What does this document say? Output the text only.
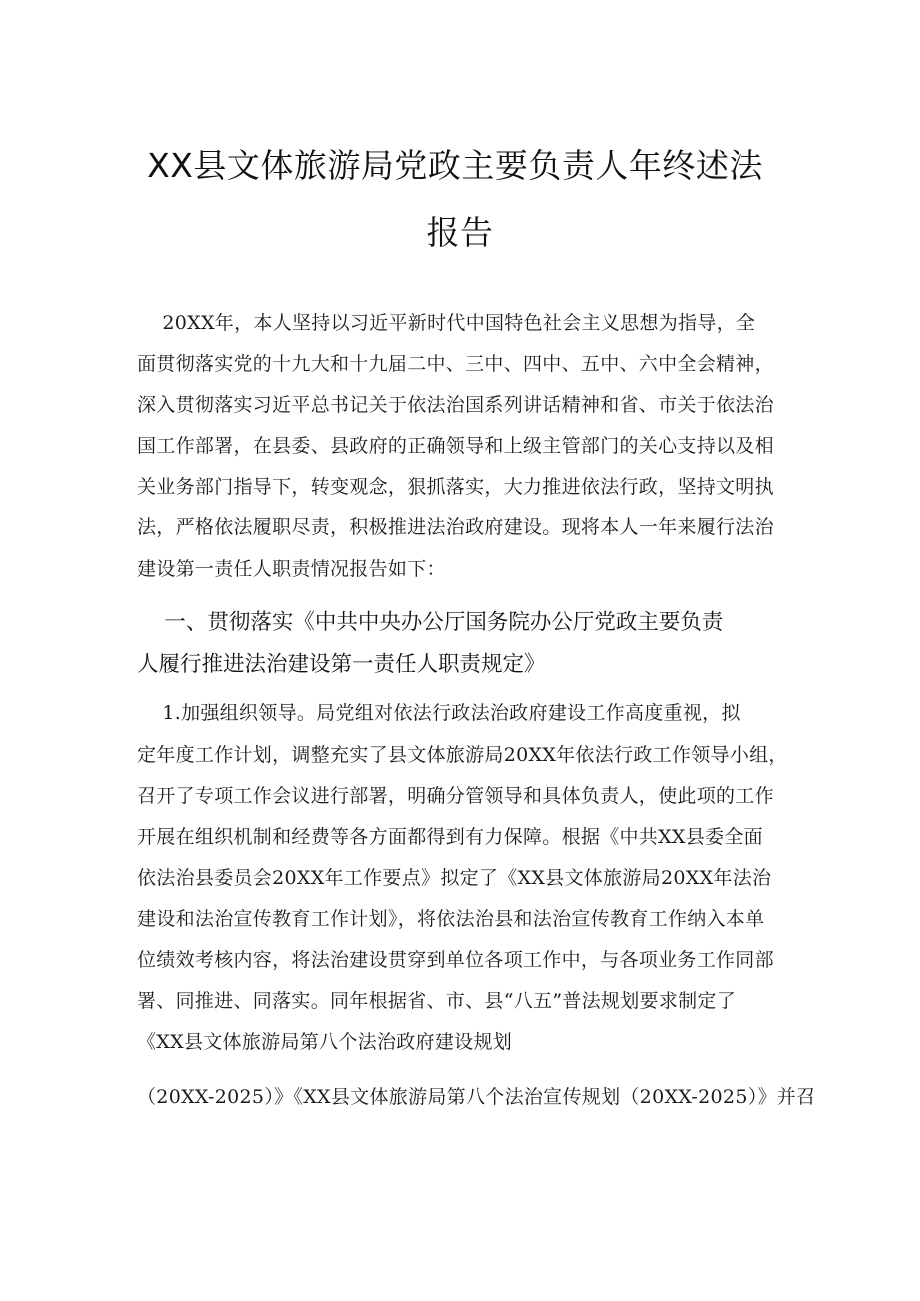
XX县文体旅游局党政主要负责人年终述法
报告
20XX年，本人坚持以习近平新时代中国特色社会主义思想为指导，全
面贯彻落实党的十九大和十九届二中、三中、四中、五中、六中全会精神，
深入贯彻落实习近平总书记关于依法治国系列讲话精神和省、市关于依法治
国工作部署，在县委、县政府的正确领导和上级主管部门的关心支持以及相
关业务部门指导下，转变观念，狠抓落实，大力推进依法行政，坚持文明执
法，严格依法履职尽责，积极推进法治政府建设。现将本人一年来履行法治
建设第一责任人职责情况报告如下：
一、贯彻落实《中共中央办公厅国务院办公厅党政主要负责
人履行推进法治建设第一责任人职责规定》
1.加强组织领导。局党组对依法行政法治政府建设工作高度重视，拟
定年度工作计划，调整充实了县文体旅游局20XX年依法行政工作领导小组，
召开了专项工作会议进行部署，明确分管领导和具体负责人，使此项的工作
开展在组织机制和经费等各方面都得到有力保障。根据《中共XX县委全面
依法治县委员会20XX年工作要点》拟定了《XX县文体旅游局20XX年法治
建设和法治宣传教育工作计划》，将依法治县和法治宣传教育工作纳入本单
位绩效考核内容，将法治建设贯穿到单位各项工作中，与各项业务工作同部
署、同推进、同落实。同年根据省、市、县“八五”普法规划要求制定了
《XX县文体旅游局第八个法治政府建设规划
（20XX-2025）》《XX县文体旅游局第八个法治宣传规划（20XX-2025）》并召
